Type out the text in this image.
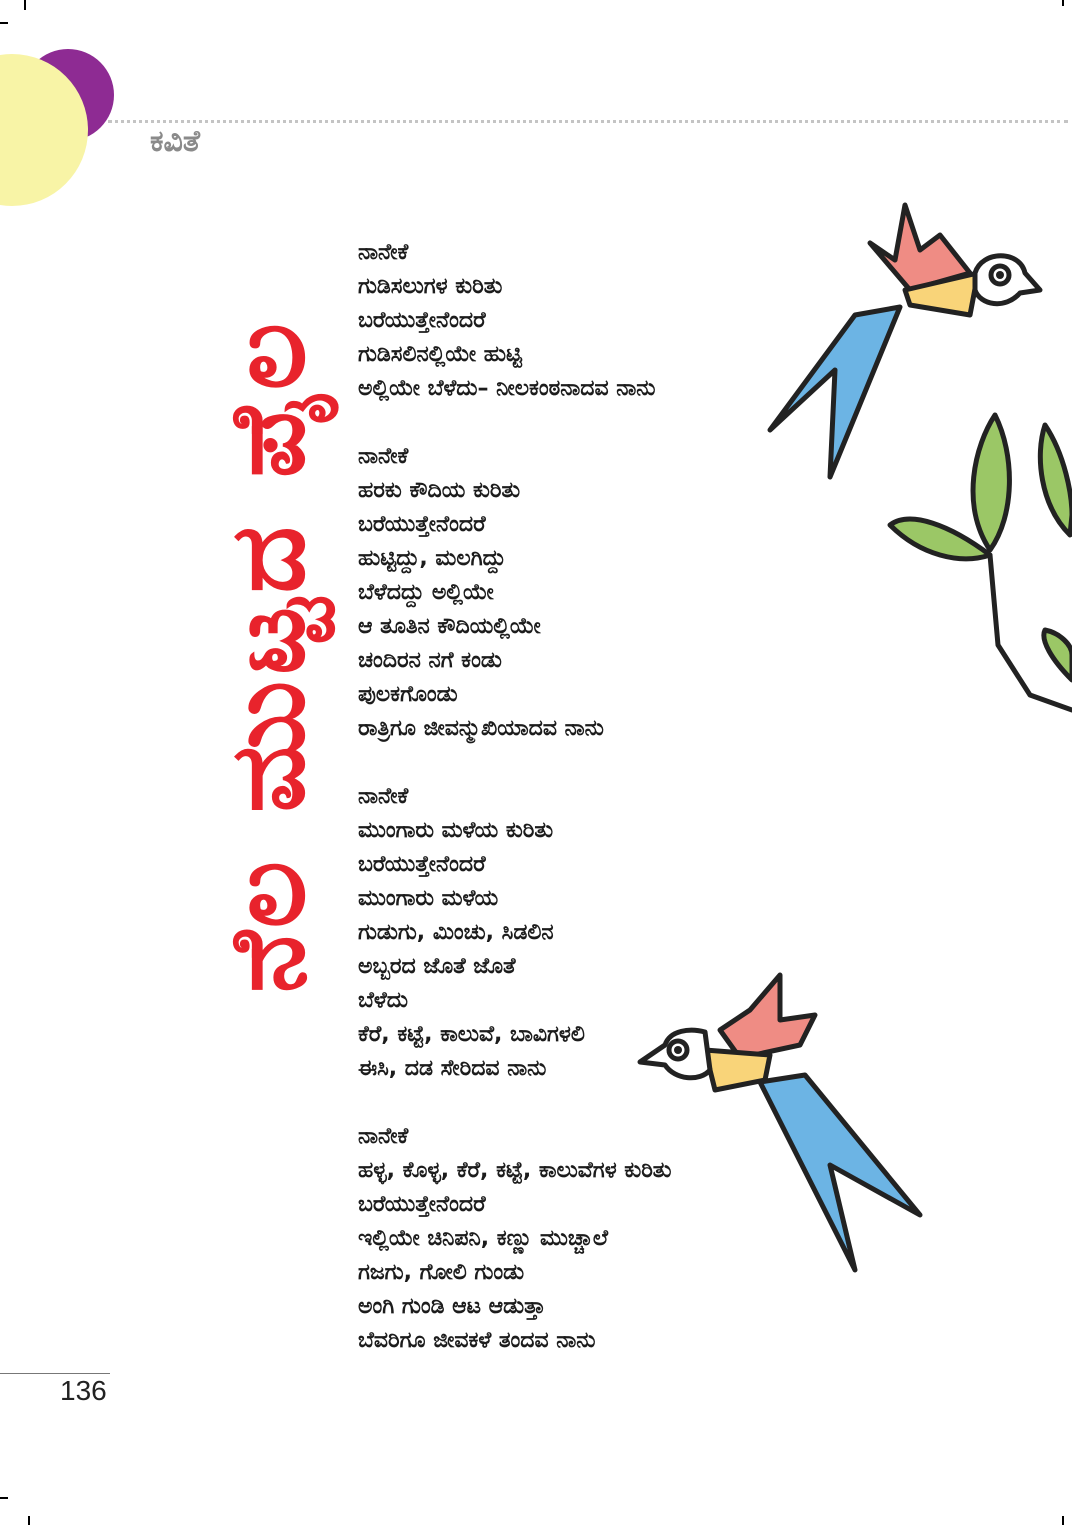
ಕವಿತೆ
ನೆಲ ಮುಟ್ಟದ ಪೈಲ
ನಾನೇಕೆ
ಗುಡಿಸಲುಗಳ ಕುರಿತು
ಬರೆಯುತ್ತೇನೆಂದರೆ
ಗುಡಿಸಲಿನಲ್ಲಿಯೇ ಹುಟ್ಟಿ
ಅಲ್ಲಿಯೇ ಬೆಳೆದು– ನೀಲಕಂಠನಾದವ ನಾನು
ನಾನೇಕೆ
ಹರಕು ಕೌದಿಯ ಕುರಿತು
ಬರೆಯುತ್ತೇನೆಂದರೆ
ಹುಟ್ಟಿದ್ದು, ಮಲಗಿದ್ದು
ಬೆಳೆದದ್ದು ಅಲ್ಲಿಯೇ
ಆ ತೂತಿನ ಕೌದಿಯಲ್ಲಿಯೇ
ಚಂದಿರನ ನಗೆ ಕಂಡು
ಪುಲಕಗೊಂಡು
ರಾತ್ರಿಗೂ ಜೀವನ್ಮುಖಿಯಾದವ ನಾನು
ನಾನೇಕೆ
ಮುಂಗಾರು ಮಳೆಯ ಕುರಿತು
ಬರೆಯುತ್ತೇನೆಂದರೆ
ಮುಂಗಾರು ಮಳೆಯ
ಗುಡುಗು, ಮಿಂಚು, ಸಿಡಲಿನ
ಅಬ್ಬರದ ಜೊತೆ ಜೊತೆ
ಬೆಳೆದು
ಕೆರೆ, ಕಟ್ಟೆ, ಕಾಲುವೆ, ಬಾವಿಗಳಲಿ
ಈಸಿ, ದಡ ಸೇರಿದವ ನಾನು
ನಾನೇಕೆ
ಹಳ್ಳ, ಕೊಳ್ಳ, ಕೆರೆ, ಕಟ್ಟೆ, ಕಾಲುವೆಗಳ ಕುರಿತು
ಬರೆಯುತ್ತೇನೆಂದರೆ
ಇಲ್ಲಿಯೇ ಚಿನಿಪನಿ, ಕಣ್ಣು ಮುಚ್ಚಾಲೆ
ಗಜಗು, ಗೋಲಿ ಗುಂಡು
ಅಂಗಿ ಗುಂಡಿ ಆಟ ಆಡುತ್ತಾ
ಬೆವರಿಗೂ ಜೀವಕಳೆ ತಂದವ ನಾನು
136
